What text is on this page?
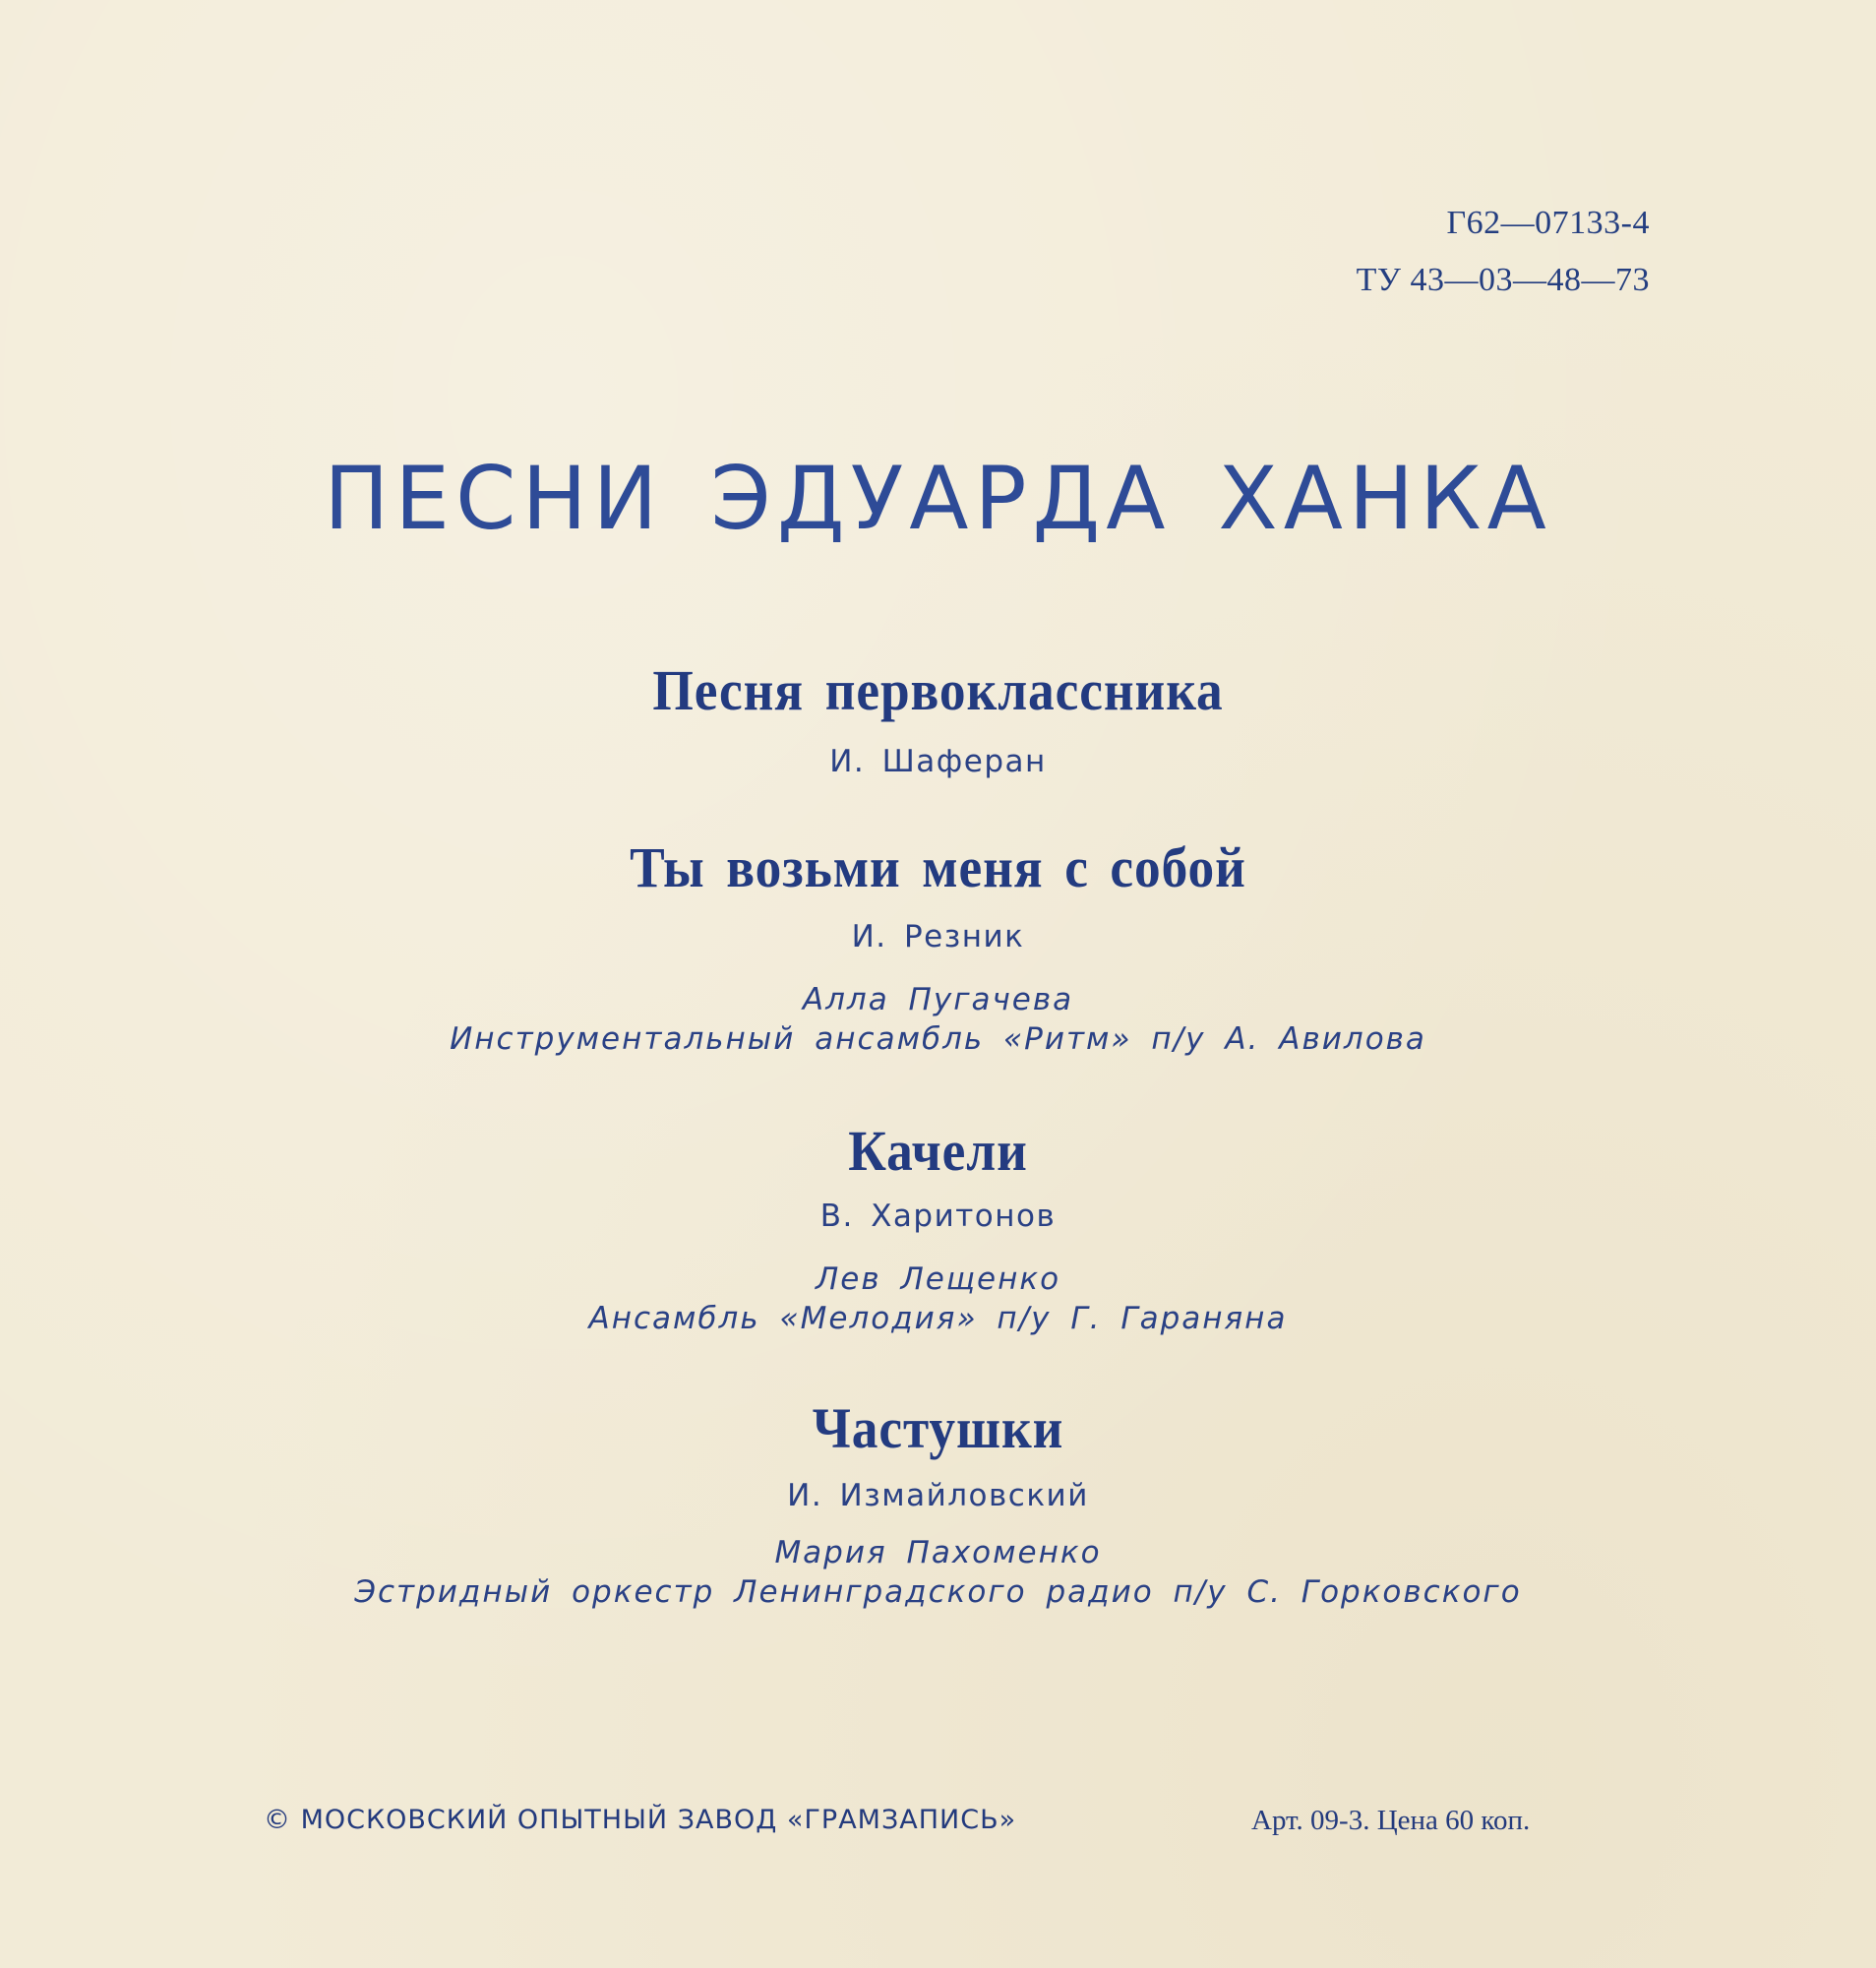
Г62—07133-4
ТУ 43—03—48—73
ПЕСНИ ЭДУАРДА ХАНКА
Песня первоклассника
И. Шаферан
Ты возьми меня с собой
И. Резник
Алла Пугачева
Инструментальный ансамбль «Ритм» п/у А. Авилова
Качели
В. Харитонов
Лев Лещенко
Ансамбль «Мелодия» п/у Г. Гараняна
Частушки
И. Измайловский
Мария Пахоменко
Эстридный оркестр Ленинградского радио п/у С. Горковского
© МОСКОВСКИЙ ОПЫТНЫЙ ЗАВОД «ГРАМЗАПИСЬ»	Арт. 09-3. Цена 60 коп.
